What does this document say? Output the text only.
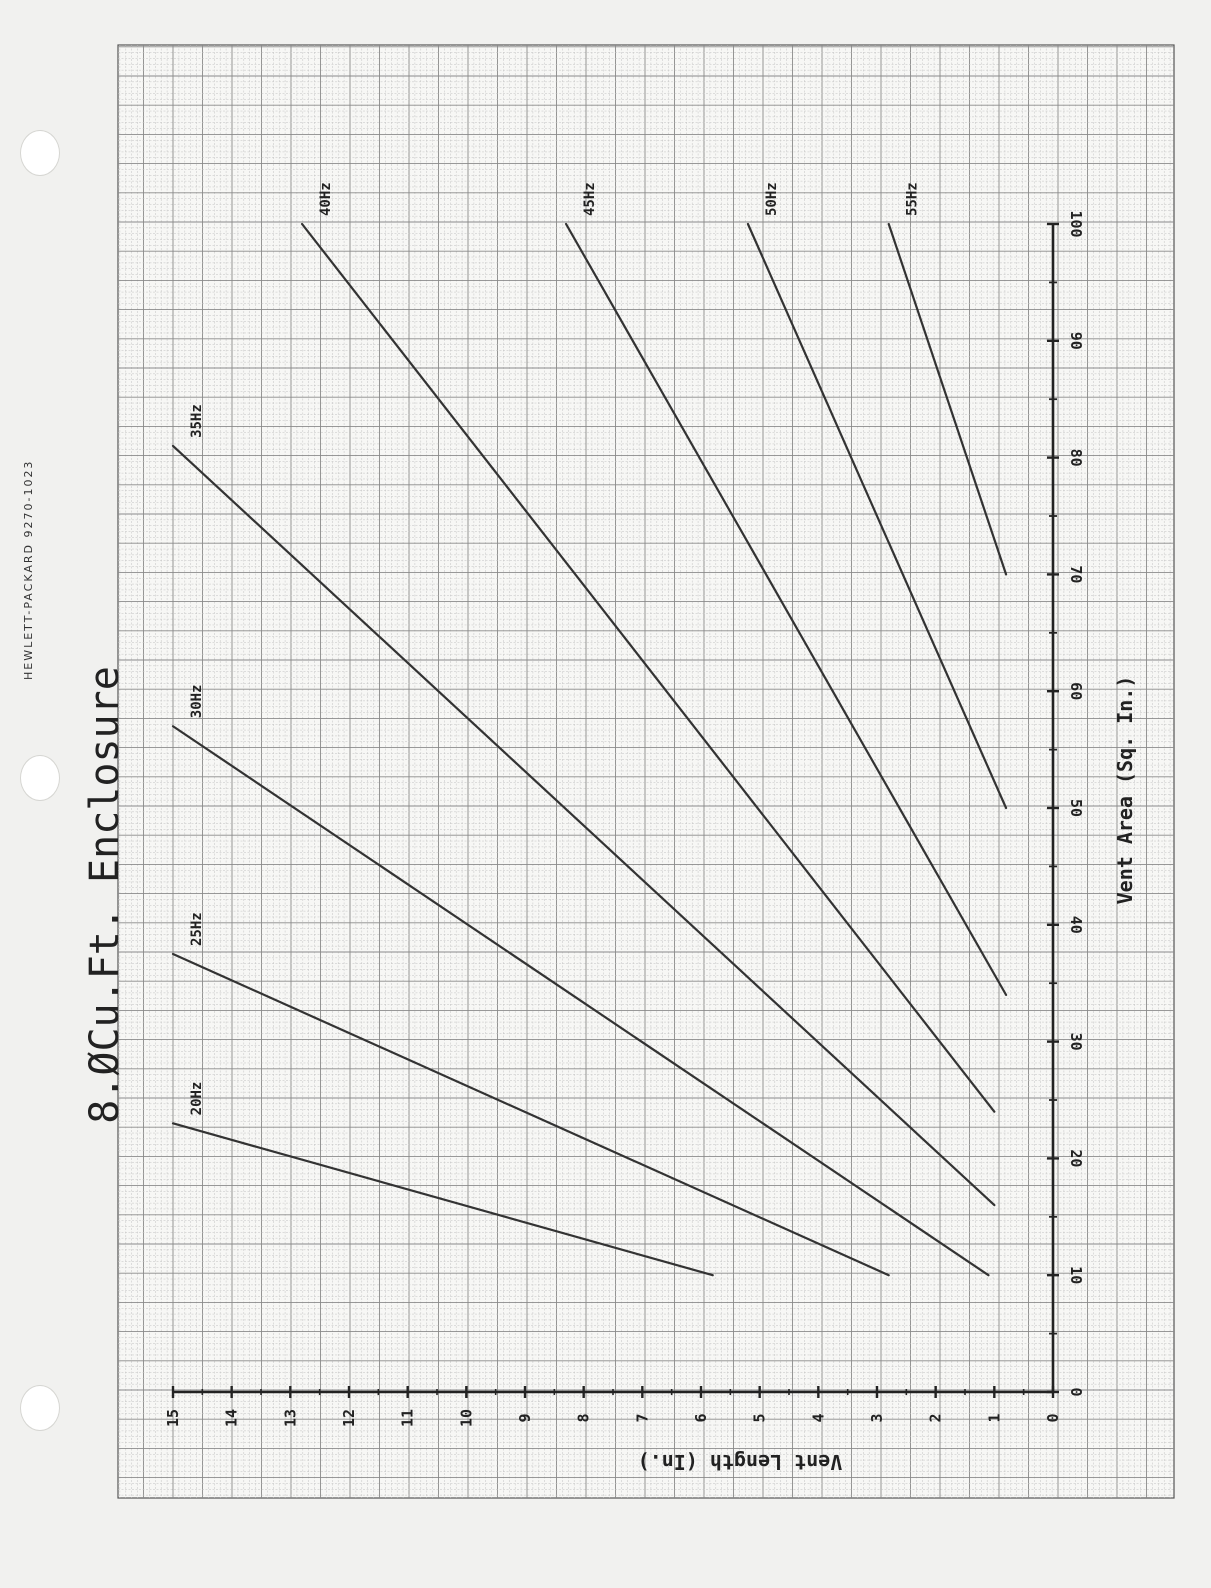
HEWLETT-PACKARD 9270-1023
15	14	13	12	11	10	9	8	7	6	5	4	3	2	1	0
0
10
20
30
40
50
60
70
80
90
100
Vent Length (In.)
Vent Area (Sq. In.)
8.ØCu.Ft. Enclosure	20Hz
25Hz
30Hz
35Hz
40Hz	45Hz	50Hz	55Hz
